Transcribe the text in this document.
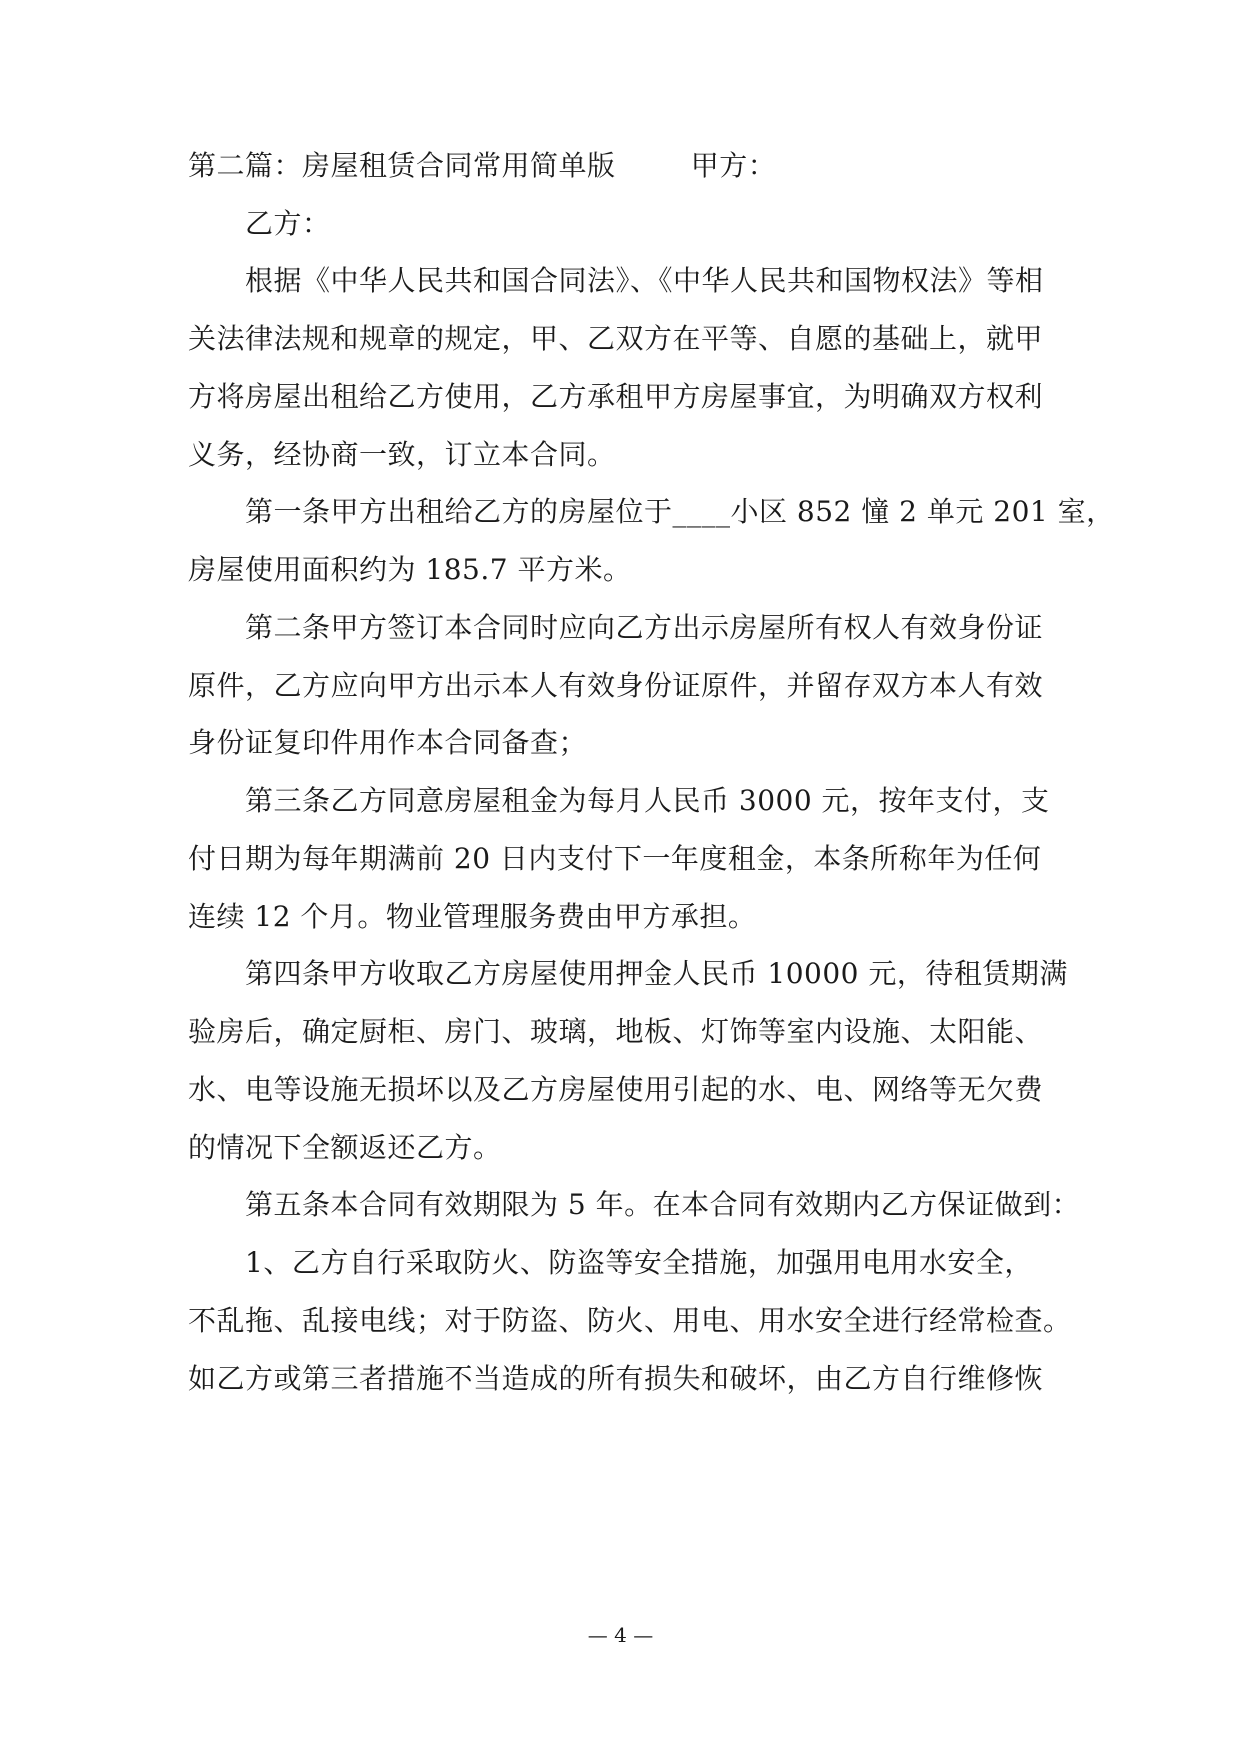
第二篇：房屋租赁合同常用简单版        甲方：
乙方：
根据《中华人民共和国合同法》、《中华人民共和国物权法》等相
关法律法规和规章的规定，甲、乙双方在平等、自愿的基础上，就甲
方将房屋出租给乙方使用，乙方承租甲方房屋事宜，为明确双方权利
义务，经协商一致，订立本合同。
第一条甲方出租给乙方的房屋位于____小区 852 憧 2 单元 201 室，
房屋使用面积约为 185.7 平方米。
第二条甲方签订本合同时应向乙方出示房屋所有权人有效身份证
原件，乙方应向甲方出示本人有效身份证原件，并留存双方本人有效
身份证复印件用作本合同备查；
第三条乙方同意房屋租金为每月人民币 3000 元，按年支付，支
付日期为每年期满前 20 日内支付下一年度租金，本条所称年为任何
连续 12 个月。物业管理服务费由甲方承担。
第四条甲方收取乙方房屋使用押金人民币 10000 元，待租赁期满
验房后，确定厨柜、房门、玻璃，地板、灯饰等室内设施、太阳能、
水、电等设施无损坏以及乙方房屋使用引起的水、电、网络等无欠费
的情况下全额返还乙方。
第五条本合同有效期限为 5 年。在本合同有效期内乙方保证做到：
1、乙方自行采取防火、防盗等安全措施，加强用电用水安全，
不乱拖、乱接电线；对于防盗、防火、用电、用水安全进行经常检查。
如乙方或第三者措施不当造成的所有损失和破坏，由乙方自行维修恢
— 4 —
